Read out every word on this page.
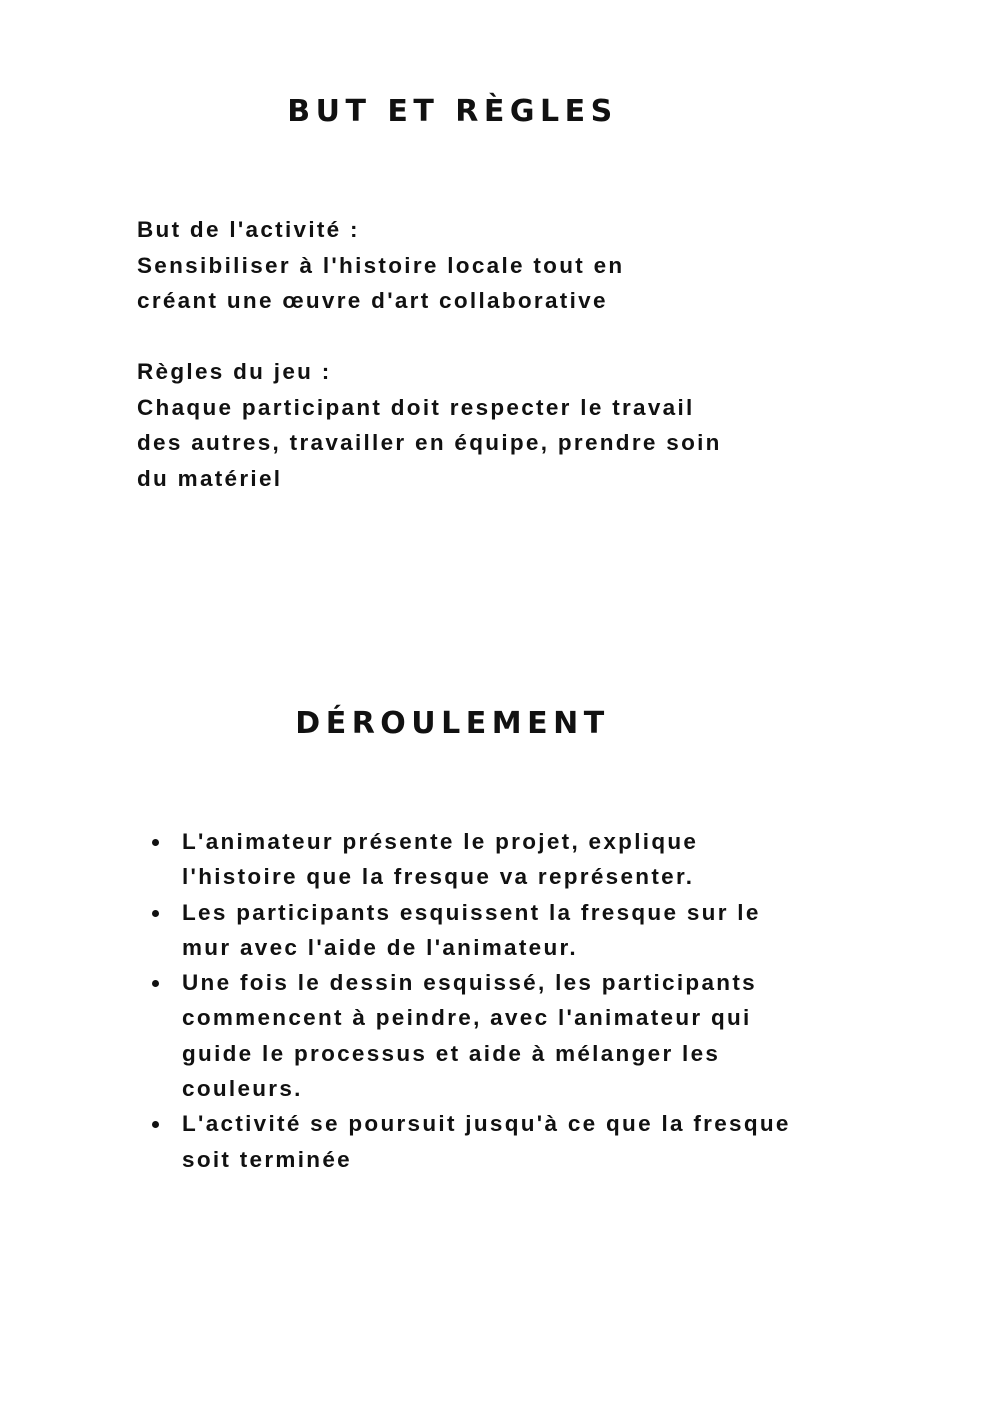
BUT ET RÈGLES

But de l'activité :

Sensibiliser à l'histoire locale tout en créant une œuvre d'art collaborative

Règles du jeu :

Chaque participant doit respecter le travail des autres, travailler en équipe, prendre soin du matériel

DÉROULEMENT
L'animateur présente le projet, explique l'histoire que la fresque va représenter.
Les participants esquissent la fresque sur le mur avec l'aide de l'animateur.
Une fois le dessin esquissé, les participants commencent à peindre, avec l'animateur qui guide le processus et aide à mélanger les couleurs.
L'activité se poursuit jusqu'à ce que la fresque soit terminée
